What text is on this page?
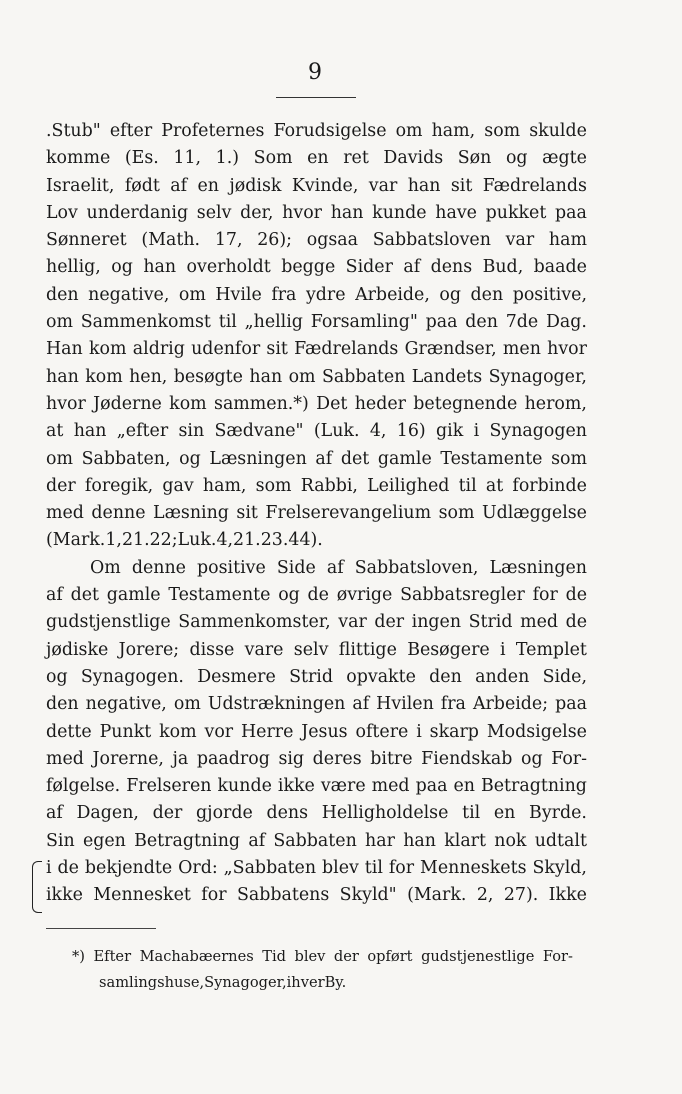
9
.Stub" efter Profeternes Forudsigelse om ham, som skulde
komme (Es. 11, 1.) Som en ret Davids Søn og ægte
Israelit, født af en jødisk Kvinde, var han sit Fædrelands
Lov underdanig selv der, hvor han kunde have pukket paa
Sønneret (Math. 17, 26); ogsaa Sabbatsloven var ham
hellig, og han overholdt begge Sider af dens Bud, baade
den negative, om Hvile fra ydre Arbeide, og den positive,
om Sammenkomst til „hellig Forsamling" paa den 7de Dag.
Han kom aldrig udenfor sit Fædrelands Grændser, men hvor
han kom hen, besøgte han om Sabbaten Landets Synagoger,
hvor Jøderne kom sammen.*) Det heder betegnende herom,
at han „efter sin Sædvane" (Luk. 4, 16) gik i Synagogen
om Sabbaten, og Læsningen af det gamle Testamente som
der foregik, gav ham, som Rabbi, Leilighed til at forbinde
med denne Læsning sit Frelserevangelium som Udlæggelse
(Mark. 1, 21. 22; Luk. 4, 21. 23. 44).
Om denne positive Side af Sabbatsloven, Læsningen
af det gamle Testamente og de øvrige Sabbatsregler for de
gudstjenstlige Sammenkomster, var der ingen Strid med de
jødiske Jorere; disse vare selv flittige Besøgere i Templet
og Synagogen. Desmere Strid opvakte den anden Side,
den negative, om Udstrækningen af Hvilen fra Arbeide; paa
dette Punkt kom vor Herre Jesus oftere i skarp Modsigelse
med Jorerne, ja paadrog sig deres bitre Fiendskab og For-
følgelse. Frelseren kunde ikke være med paa en Betragtning
af Dagen, der gjorde dens Helligholdelse til en Byrde.
Sin egen Betragtning af Sabbaten har han klart nok udtalt
i de bekjendte Ord: „Sabbaten blev til for Menneskets Skyld,
ikke Mennesket for Sabbatens Skyld" (Mark. 2, 27). Ikke
*) Efter Machabæernes Tid blev der opført gudstjenestlige For-
samlingshuse, Synagoger, i hver By.
